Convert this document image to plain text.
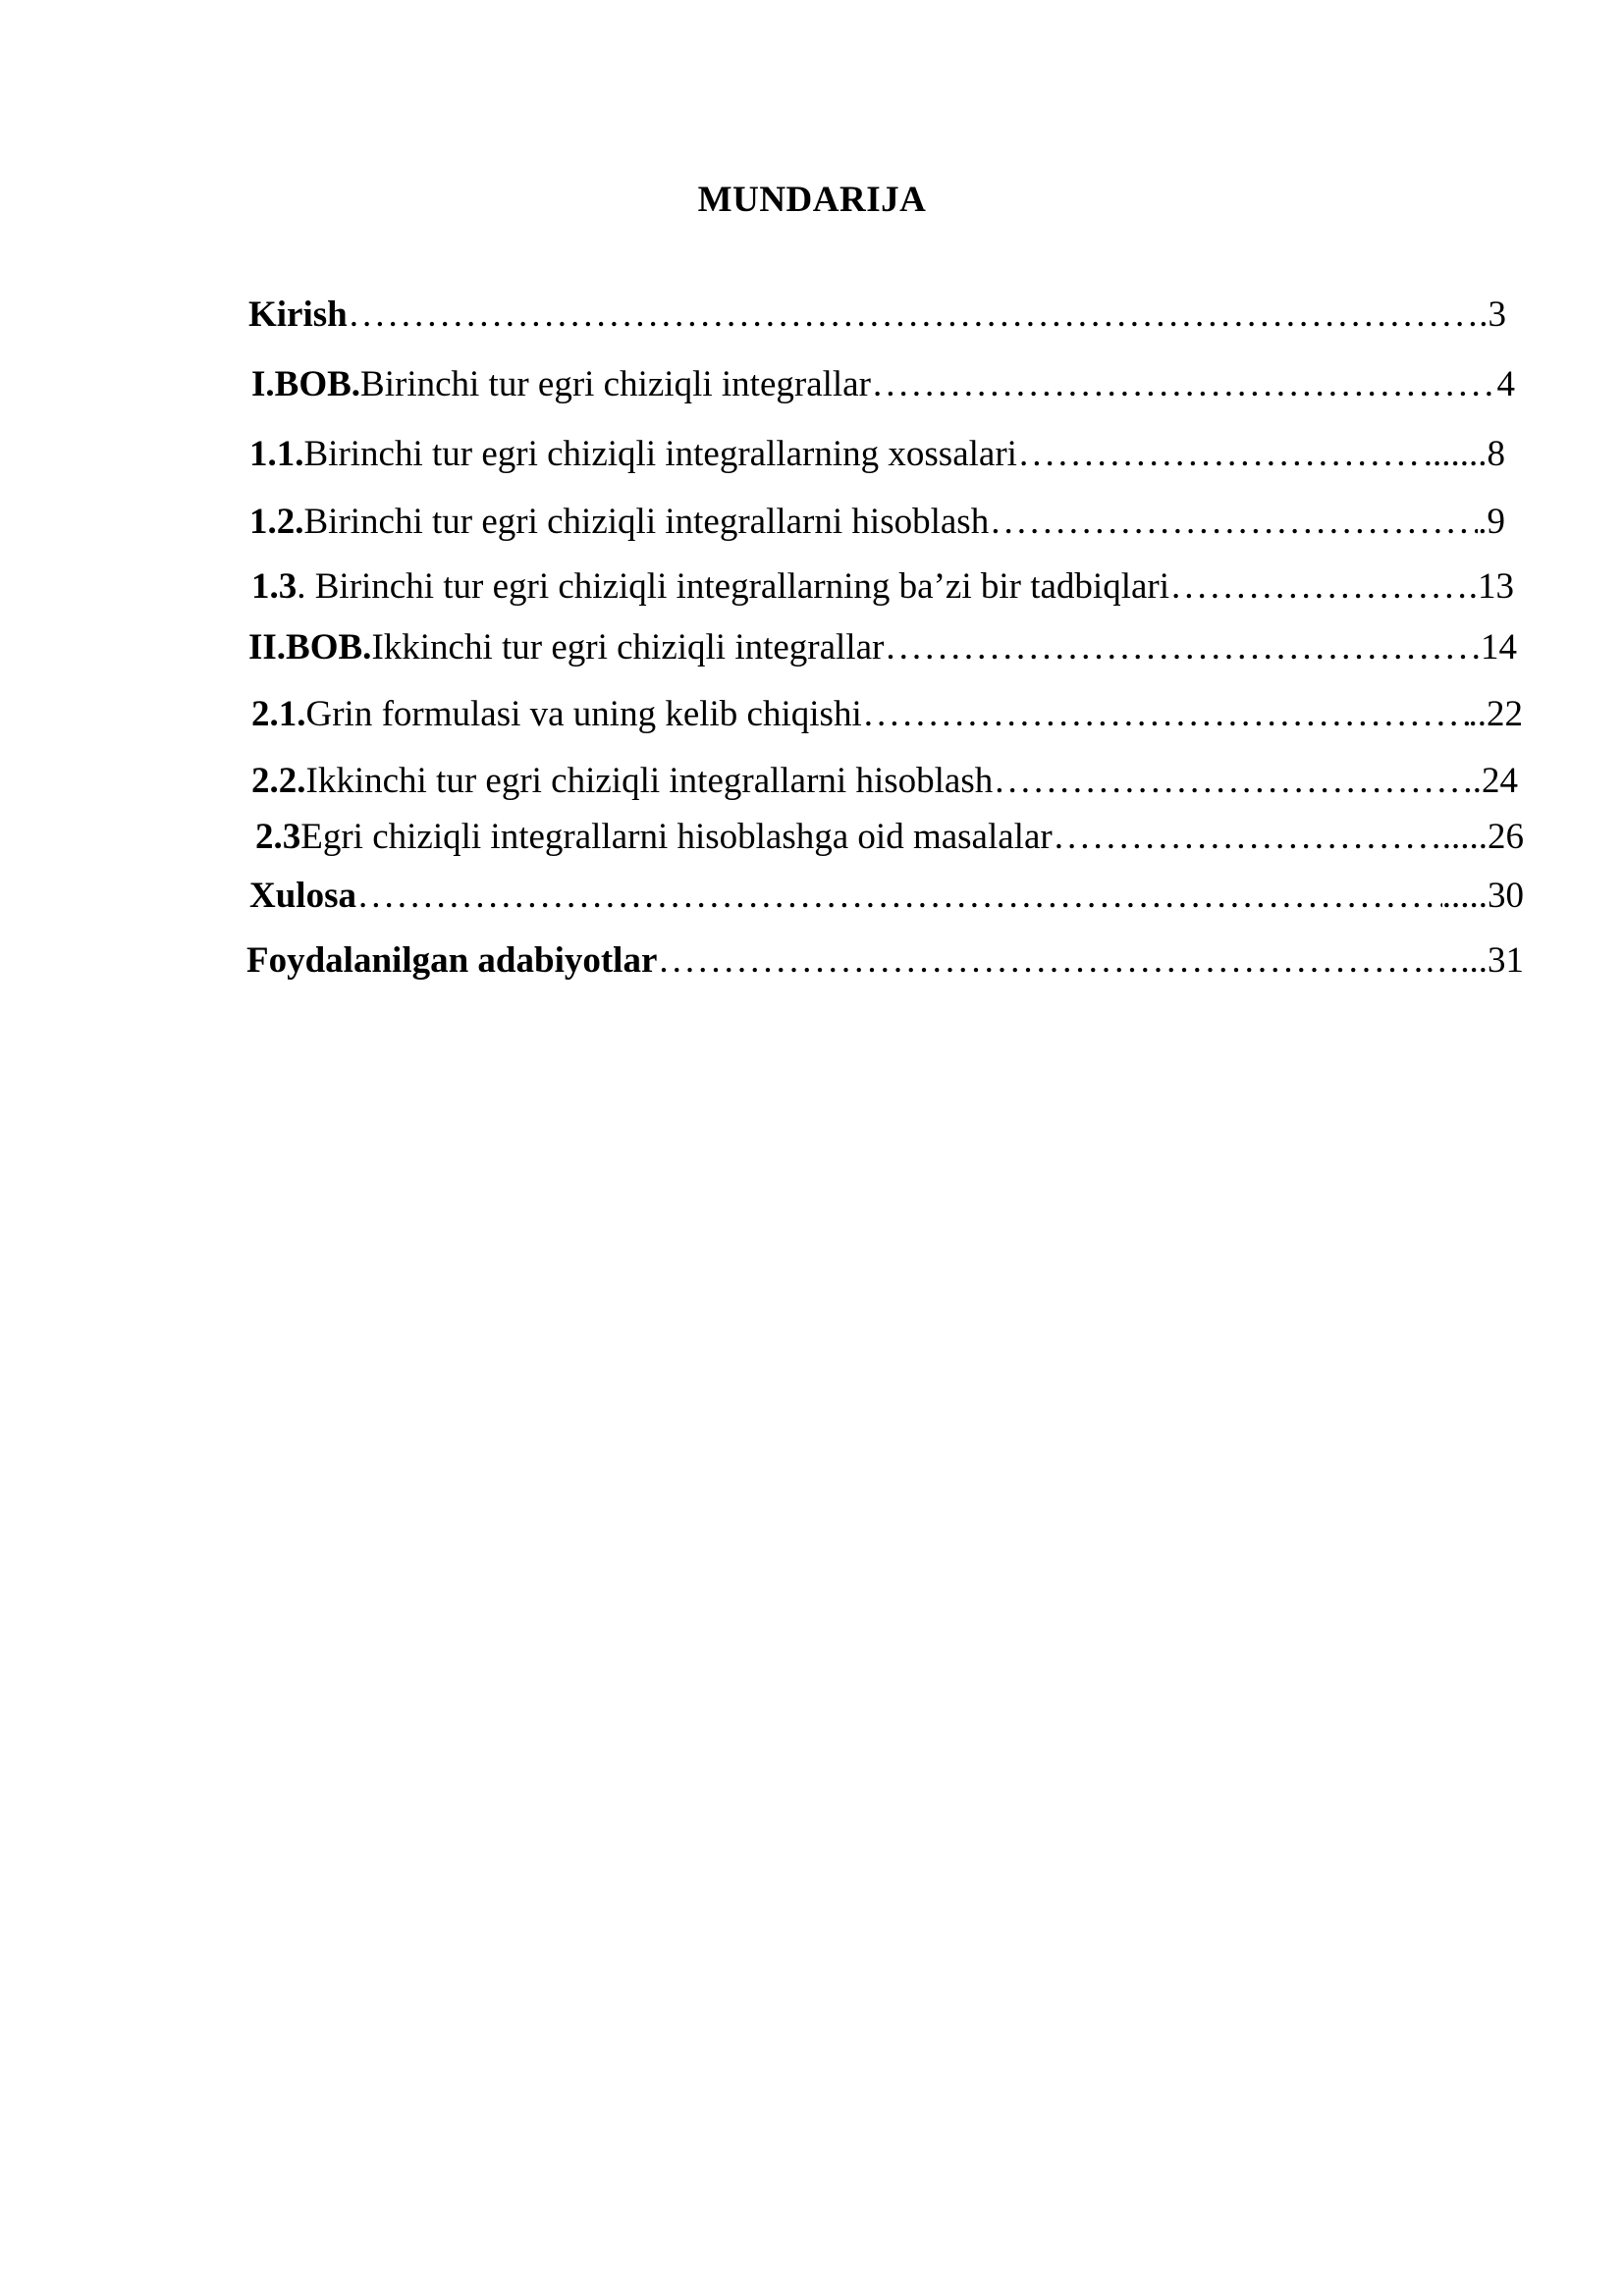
MUNDARIJA
Kirish .....	.3
I.BOB. Birinchi tur egri chiziqli integrallar .....	4
1.1. Birinchi tur egri chiziqli integrallarning xossalari .....	.......8
1.2. Birinchi tur egri chiziqli integrallarni hisoblash .....	.9
1.3 . Birinchi tur egri chiziqli integrallarning ba’zi bir tadbiqlari .....	.13
II.BOB. Ikkinchi tur egri chiziqli integrallar .....	14
2.1. Grin formulasi va uning kelib chiqishi .....	..22
2.2. Ikkinchi tur egri chiziqli integrallarni hisoblash .....	.24
2.3 Egri chiziqli integrallarni hisoblashga oid masalalar .....	.....26
Xulosa .....	.....30
Foydalanilgan adabiyotlar .....	…...31
